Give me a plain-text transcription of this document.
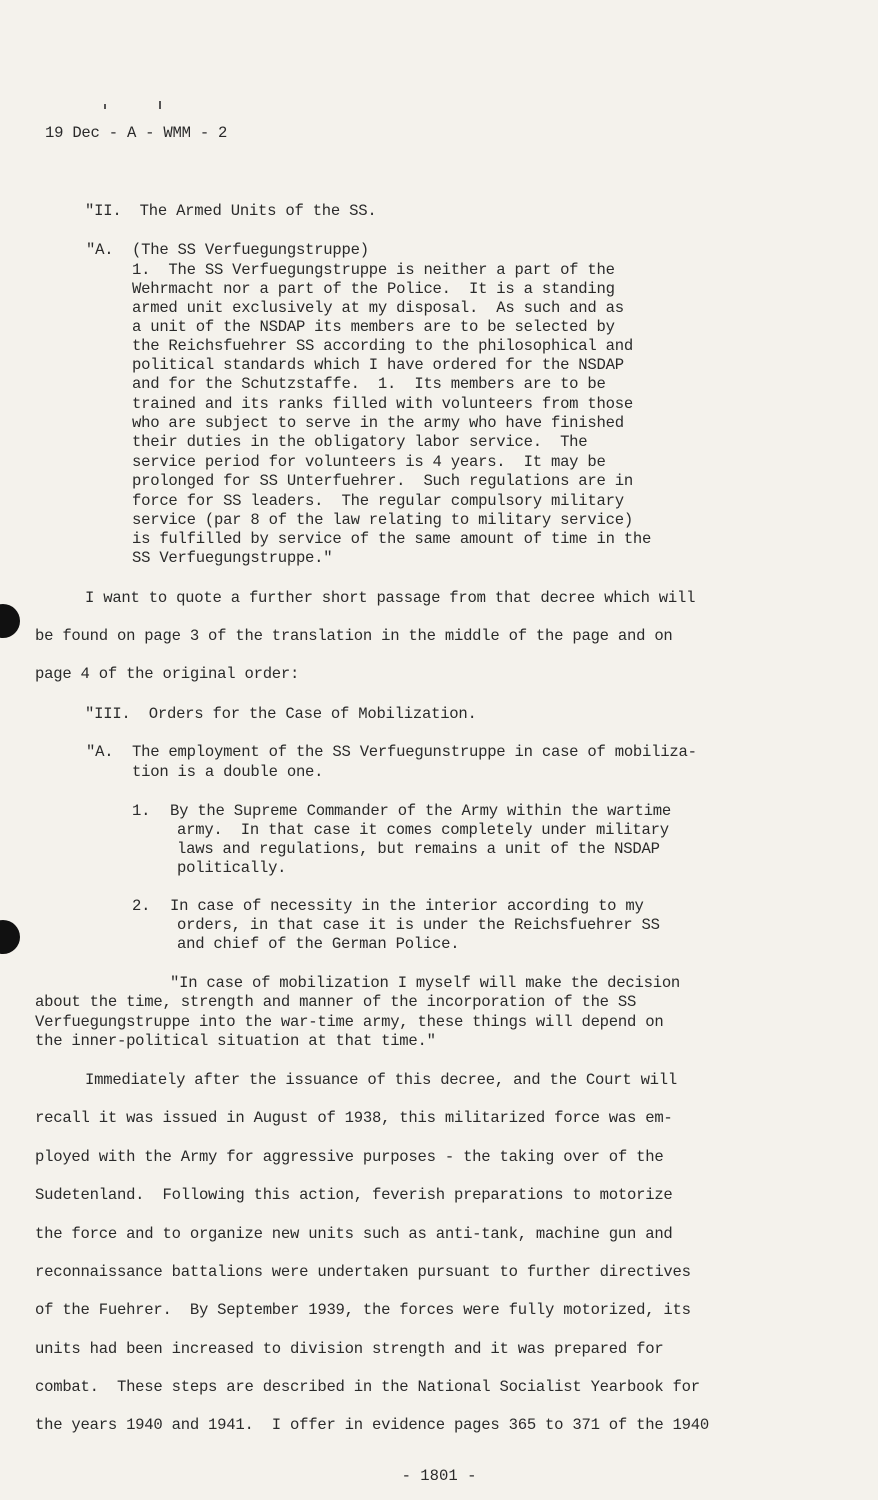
19 Dec - A - WMM - 2
"II.  The Armed Units of the SS.
"A. (The SS Verfuegungstruppe)
1.  The SS Verfuegungstruppe is neither a part of the
Wehrmacht nor a part of the Police.  It is a standing
armed unit exclusively at my disposal.  As such and as
a unit of the NSDAP its members are to be selected by
the Reichsfuehrer SS according to the philosophical and
political standards which I have ordered for the NSDAP
and for the Schutzstaffe.  1.  Its members are to be
trained and its ranks filled with volunteers from those
who are subject to serve in the army who have finished
their duties in the obligatory labor service.  The
service period for volunteers is 4 years.  It may be
prolonged for SS Unterfuehrer.  Such regulations are in
force for SS leaders.  The regular compulsory military
service (par 8 of the law relating to military service)
is fulfilled by service of the same amount of time in the
SS Verfuegungstruppe."
I want to quote a further short passage from that decree which will
be found on page 3 of the translation in the middle of the page and on
page 4 of the original order:
"III.  Orders for the Case of Mobilization.
"A. The employment of the SS Verfuegunstruppe in case of mobiliza-
tion is a double one.
1. By the Supreme Commander of the Army within the wartime
army.  In that case it comes completely under military
laws and regulations, but remains a unit of the NSDAP
politically.
2. In case of necessity in the interior according to my
orders, in that case it is under the Reichsfuehrer SS
and chief of the German Police.
"In case of mobilization I myself will make the decision
about the time, strength and manner of the incorporation of the SS
Verfuegungstruppe into the war-time army, these things will depend on
the inner-political situation at that time."
Immediately after the issuance of this decree, and the Court will
recall it was issued in August of 1938, this militarized force was em-
ployed with the Army for aggressive purposes - the taking over of the
Sudetenland.  Following this action, feverish preparations to motorize
the force and to organize new units such as anti-tank, machine gun and
reconnaissance battalions were undertaken pursuant to further directives
of the Fuehrer.  By September 1939, the forces were fully motorized, its
units had been increased to division strength and it was prepared for
combat.  These steps are described in the National Socialist Yearbook for
the years 1940 and 1941.  I offer in evidence pages 365 to 371 of the 1940
- 1801 -
